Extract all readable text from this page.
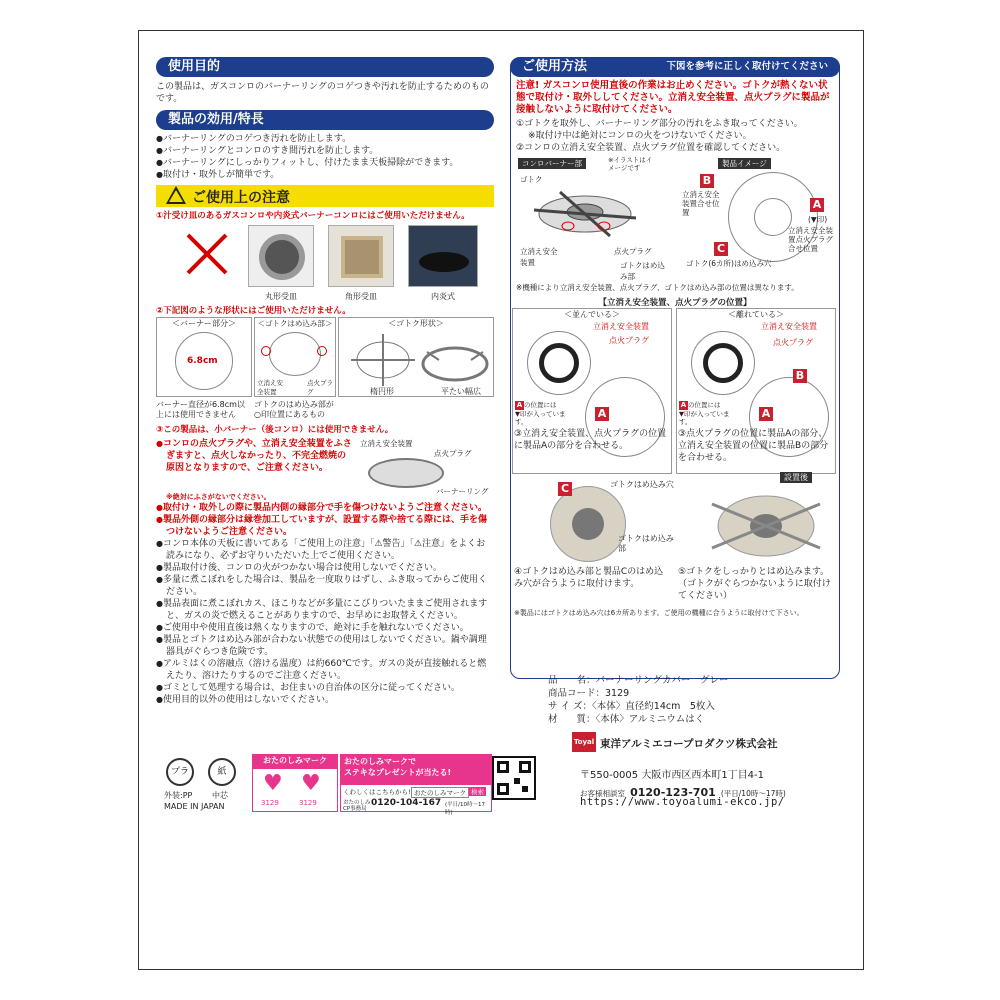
使用目的
この製品は、ガスコンロのバーナーリングのコゲつきや汚れを防止するためのものです。
製品の効用/特長
● バーナーリングのコゲつき汚れを防止します。
● バーナーリングとコンロのすき間汚れを防止します。
● バーナーリングにしっかりフィットし、付けたまま天板掃除ができます。
● 取付け・取外しが簡単です。
ご使用上の注意
①汁受け皿のあるガスコンロや内炎式バーナーコンロにはご使用いただけません。
丸形受皿	角形受皿	内炎式
②下記図のような形状にはご使用いただけません。
＜バーナー部分＞
6.8cm
＜ゴトクはめ込み部＞
立消え安全装置
点火プラグ
＜ゴトク形状＞
楕円形	平たい幅広
バーナー直径が6.8cm以上には使用できません
ゴトクのはめ込み部が○印位置にあるもの
③この製品は、小バーナー（後コンロ）には使用できません。
● コンロの点火プラグや、立消え安全装置をふさぎますと、点火しなかったり、不完全燃焼の原因となりますので、ご注意ください。
立消え安全装置
点火プラグ
バーナーリング
※絶対にふさがないでください。
● 取付け・取外しの際に製品内側の縁部分で手を傷つけないようご注意ください。
● 製品外側の縁部分は縁巻加工していますが、設置する際や捨てる際には、手を傷つけないようご注意ください。
● コンロ本体の天板に書いてある「ご使用上の注意」「⚠警告」「⚠注意」をよくお読みになり、必ずお守りいただいた上でご使用ください。
● 製品取付け後、コンロの火がつかない場合は使用しないでください。
● 多量に煮こぼれをした場合は、製品を一度取りはずし、ふき取ってからご使用ください。
● 製品表面に煮こぼれカス、ほこりなどが多量にこびりついたままご使用されますと、ガスの炎で燃えることがありますので、お早めにお取替えください。
● ご使用中や使用直後は熱くなりますので、絶対に手を触れないでください。
● 製品とゴトクはめ込み部が合わない状態での使用はしないでください。鍋や調理器具がぐらつき危険です。
● アルミはくの溶融点（溶ける温度）は約660℃です。ガスの炎が直接触れると燃えたり、溶けたりするのでご注意ください。
● ゴミとして処理する場合は、お住まいの自治体の区分に従ってください。
● 使用目的以外の使用はしないでください。
プラ	紙
外装:PP 中芯
MADE IN JAPAN
おたのしみマーク
♥ ♥
3129	3129
おたのしみマークで
ステキなプレゼントが当たる!
くわしくはこちらから! おたのしみマーク 検索
おたのしみCP事務局
0120-104-167 (平日/10時～17時)
ご使用方法	下図を参考に正しく取付けてください
注意! ガスコンロ使用直後の作業はお止めください。ゴトクが熱くない状態で取付け・取外ししてください。立消え安全装置、点火プラグに製品が接触しないように取付けてください。
①ゴトクを取外し、バーナーリング部分の汚れをふき取ってください。
※取付け中は絶対にコンロの火をつけないでください。
②コンロの立消え安全装置、点火プラグ位置を確認してください。
コンロバーナー部	※イラストはイメージです	製品イメージ
ゴトク
立消え安全装置
点火プラグ
ゴトクはめ込み部
B
立消え安全装置合せ位置
A
(▼印)
立消え安全装置点火プラグ合せ位置
C
ゴトク(6カ所)はめ込み穴
※機種により立消え安全装置、点火プラグ、ゴトクはめ込み部の位置は異なります。
【立消え安全装置、点火プラグの位置】
＜並んでいる＞
立消え安全装置
点火プラグ
A
A の位置には
▼印が入っています。
＜離れている＞
立消え安全装置
点火プラグ
B
A
A の位置には
▼印が入っています。
③立消え安全装置、点火プラグの位置に製品Aの部分を合わせる。
③点火プラグの位置に製品Aの部分、立消え安全装置の位置に製品Bの部分を合わせる。
C	ゴトクはめ込み穴
ゴトクはめ込み部
設置後
④ゴトクはめ込み部と製品Cのはめ込み穴が合うように取付けます。
⑤ゴトクをしっかりとはめ込みます。（ゴトクがぐらつかないように取付けてください）
※製品にはゴトクはめ込み穴は6カ所あります。ご使用の機種に合うように取付けて下さい。
品　　名：バーナーリングカバー　グレー
商品コード：3129
サ イ ズ：〈本体〉直径約14cm　5枚入
材　　質：〈本体〉アルミニウムはく
Toyal 東洋アルミエコープロダクツ株式会社
〒550-0005 大阪市西区西本町1丁目4-1
お客様相談室 0120-123-701 (平日/10時～17時)
https://www.toyoalumi-ekco.jp/
